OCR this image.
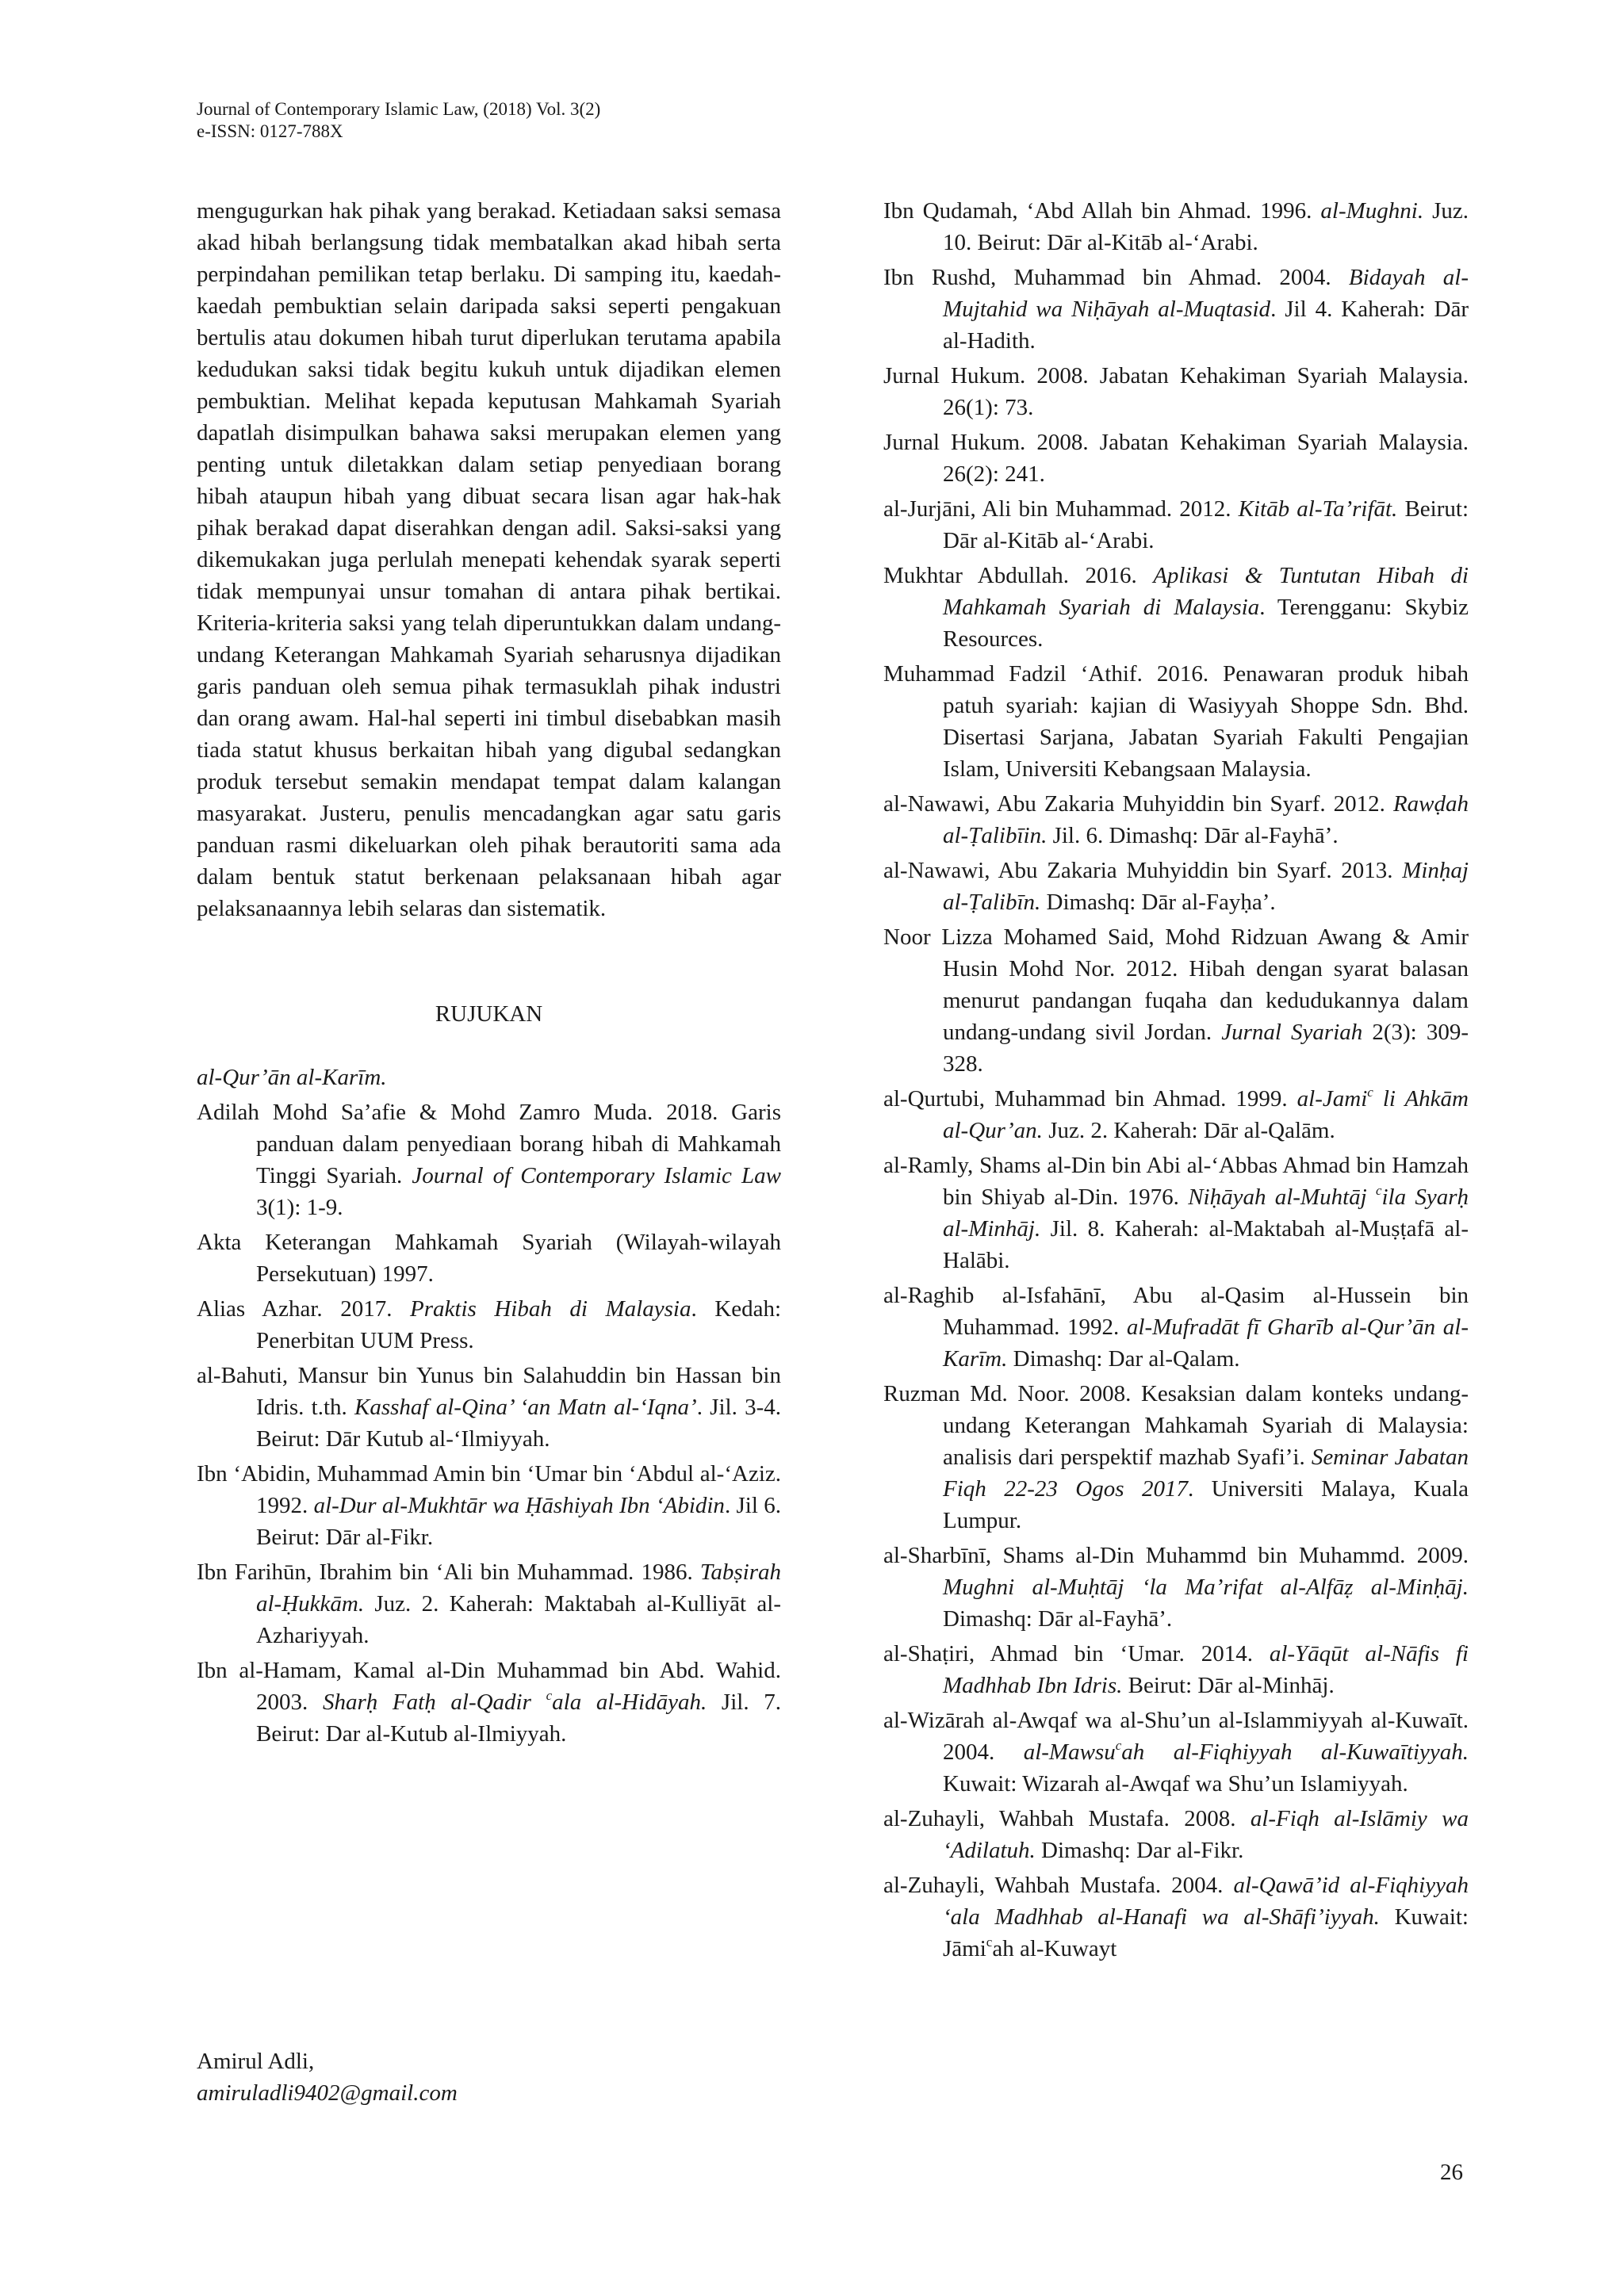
Journal of Contemporary Islamic Law, (2018) Vol. 3(2)
e-ISSN: 0127-788X

mengugurkan hak pihak yang berakad. Ketiadaan saksi semasa akad hibah berlangsung tidak membatalkan akad hibah serta perpindahan pemilikan tetap berlaku. Di samping itu, kaedah-kaedah pembuktian selain daripada saksi seperti pengakuan bertulis atau dokumen hibah turut diperlukan terutama apabila kedudukan saksi tidak begitu kukuh untuk dijadikan elemen pembuktian. Melihat kepada keputusan Mahkamah Syariah dapatlah disimpulkan bahawa saksi merupakan elemen yang penting untuk diletakkan dalam setiap penyediaan borang hibah ataupun hibah yang dibuat secara lisan agar hak-hak pihak berakad dapat diserahkan dengan adil. Saksi-saksi yang dikemukakan juga perlulah menepati kehendak syarak seperti tidak mempunyai unsur tomahan di antara pihak bertikai. Kriteria-kriteria saksi yang telah diperuntukkan dalam undang-undang Keterangan Mahkamah Syariah seharusnya dijadikan garis panduan oleh semua pihak termasuklah pihak industri dan orang awam. Hal-hal seperti ini timbul disebabkan masih tiada statut khusus berkaitan hibah yang digubal sedangkan produk tersebut semakin mendapat tempat dalam kalangan masyarakat. Justeru, penulis mencadangkan agar satu garis panduan rasmi dikeluarkan oleh pihak berautoriti sama ada dalam bentuk statut berkenaan pelaksanaan hibah agar pelaksanaannya lebih selaras dan sistematik.

RUJUKAN
al-Qur’ān al-Karīm.
Adilah Mohd Sa’afie & Mohd Zamro Muda. 2018. Garis panduan dalam penyediaan borang hibah di Mahkamah Tinggi Syariah. Journal of Contemporary Islamic Law 3(1): 1-9.
Akta Keterangan Mahkamah Syariah (Wilayah-wilayah Persekutuan) 1997.
Alias Azhar. 2017. Praktis Hibah di Malaysia. Kedah: Penerbitan UUM Press.
al-Bahuti, Mansur bin Yunus bin Salahuddin bin Hassan bin Idris. t.th. Kasshaf al-Qina’ ‘an Matn al-‘Iqna’. Jil. 3-4. Beirut: Dār Kutub al-‘Ilmiyyah.
Ibn ‘Abidin, Muhammad Amin bin ‘Umar bin ‘Abdul al-‘Aziz. 1992. al-Dur al-Mukhtār wa Ḥāshiyah Ibn ‘Abidin. Jil 6. Beirut: Dār al-Fikr.
Ibn Farihūn, Ibrahim bin ‘Ali bin Muhammad. 1986. Tabṣirah al-Ḥukkām. Juz. 2. Kaherah: Maktabah al-Kulliyāt al-Azhariyyah.
Ibn al-Hamam, Kamal al-Din Muhammad bin Abd. Wahid. 2003. Sharḥ Fatḥ al-Qadir $^c$ala al-Hidāyah. Jil. 7. Beirut: Dar al-Kutub al-Ilmiyyah.
Ibn Qudamah, ‘Abd Allah bin Ahmad. 1996. al-Mughni. Juz. 10. Beirut: Dār al-Kitāb al-‘Arabi.
Ibn Rushd, Muhammad bin Ahmad. 2004. Bidayah al-Mujtahid wa Niḥāyah al-Muqtasid. Jil 4. Kaherah: Dār al-Hadith.
Jurnal Hukum. 2008. Jabatan Kehakiman Syariah Malaysia. 26(1): 73.
Jurnal Hukum. 2008. Jabatan Kehakiman Syariah Malaysia. 26(2): 241.
al-Jurjāni, Ali bin Muhammad. 2012. Kitāb al-Ta’rifāt. Beirut: Dār al-Kitāb al-‘Arabi.
Mukhtar Abdullah. 2016. Aplikasi & Tuntutan Hibah di Mahkamah Syariah di Malaysia. Terengganu: Skybiz Resources.
Muhammad Fadzil ‘Athif. 2016. Penawaran produk hibah patuh syariah: kajian di Wasiyyah Shoppe Sdn. Bhd. Disertasi Sarjana, Jabatan Syariah Fakulti Pengajian Islam, Universiti Kebangsaan Malaysia.
al-Nawawi, Abu Zakaria Muhyiddin bin Syarf. 2012. Rawḍah al-Ṭalibīin. Jil. 6. Dimashq: Dār al-Fayhā’.
al-Nawawi, Abu Zakaria Muhyiddin bin Syarf. 2013. Minḥaj al-Ṭalibīn. Dimashq: Dār al-Fayḥa’.
Noor Lizza Mohamed Said, Mohd Ridzuan Awang & Amir Husin Mohd Nor. 2012. Hibah dengan syarat balasan menurut pandangan fuqaha dan kedudukannya dalam undang-undang sivil Jordan. Jurnal Syariah 2(3): 309-328.
al-Qurtubi, Muhammad bin Ahmad. 1999. al-Jami$^c$ li Ahkām al-Qur’an. Juz. 2. Kaherah: Dār al-Qalām.
al-Ramly, Shams al-Din bin Abi al-‘Abbas Ahmad bin Hamzah bin Shiyab al-Din. 1976. Niḥāyah al-Muhtāj $^c$ila Syarḥ al-Minhāj. Jil. 8. Kaherah: al-Maktabah al-Muṣṭafā al-Halābi.
al-Raghib al-Isfahānī, Abu al-Qasim al-Hussein bin Muhammad. 1992. al-Mufradāt fī Gharīb al-Qur’ān al-Karīm. Dimashq: Dar al-Qalam.
Ruzman Md. Noor. 2008. Kesaksian dalam konteks undang-undang Keterangan Mahkamah Syariah di Malaysia: analisis dari perspektif mazhab Syafi’i. Seminar Jabatan Fiqh 22-23 Ogos 2017. Universiti Malaya, Kuala Lumpur.
al-Sharbīnī, Shams al-Din Muhammd bin Muhammd. 2009. Mughni al-Muḥtāj ‘la Ma’rifat al-Alfāẓ al-Minḥāj. Dimashq: Dār al-Fayhā’.
al-Shaṭiri, Ahmad bin ‘Umar. 2014. al-Yāqūt al-Nāfis fi Madhhab Ibn Idris. Beirut: Dār al-Minhāj.
al-Wizārah al-Awqaf wa al-Shu’un al-Islammiyyah al-Kuwaīt. 2004. al-Mawsu$^c$ah al-Fiqhiyyah al-Kuwaītiyyah. Kuwait: Wizarah al-Awqaf wa Shu’un Islamiyyah.
al-Zuhayli, Wahbah Mustafa. 2008. al-Fiqh al-Islāmiy wa ‘Adilatuh. Dimashq: Dar al-Fikr.
al-Zuhayli, Wahbah Mustafa. 2004. al-Qawā’id al-Fiqhiyyah ‘ala Madhhab al-Hanafi wa al-Shāfi’iyyah. Kuwait: Jāmi$^c$ah al-Kuwayt
Amirul Adli,
amiruladli9402@gmail.com
26
